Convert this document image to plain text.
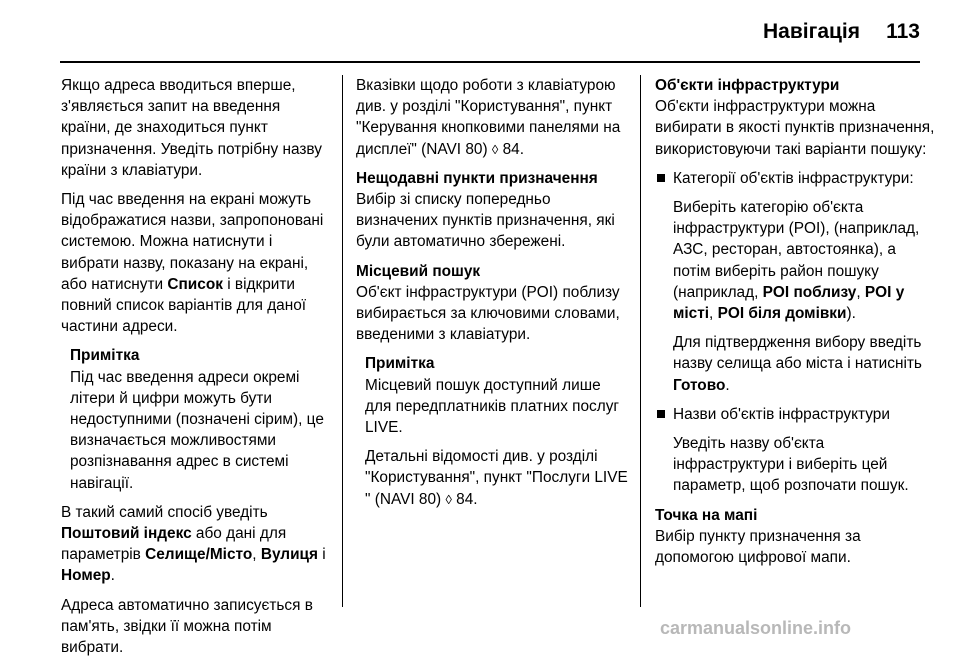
Навігація 113

Якщо адреса вводиться вперше, з'являється запит на введення країни, де знаходиться пункт призначення. Уведіть потрібну назву країни з клавіатури.

Під час введення на екрані можуть відображатися назви, запропоновані системою. Можна натиснути і вибрати назву, показану на екрані, або натиснути Список і відкрити повний список варіантів для даної частини адреси.

Примітка

Під час введення адреси окремі літери й цифри можуть бути недоступними (позначені сірим), це визначається можливостями розпізнавання адрес в системі навігації.

В такий самий спосіб уведіть Поштовий індекс або дані для параметрів Селище/Місто, Вулиця і Номер.

Адреса автоматично записується в пам'ять, звідки її можна потім вибрати.

Вказівки щодо роботи з клавіатурою див. у розділі "Користування", пункт "Керування кнопковими панелями на дисплеї" (NAVI 80) ◊ 84.

Нещодавні пункти призначення
Вибір зі списку попередньо визначених пунктів призначення, які були автоматично збережені.

Місцевий пошук
Об'єкт інфраструктури (POI) поблизу вибирається за ключовими словами, введеними з клавіатури.

Примітка

Місцевий пошук доступний лише для передплатників платних послуг LIVE.

Детальні відомості див. у розділі "Користування", пункт "Послуги LIVE " (NAVI 80) ◊ 84.

Об'єкти інфраструктури
Об'єкти інфраструктури можна вибирати в якості пунктів призначення, використовуючи такі варіанти пошуку:

Категорії об'єктів інфраструктури:

Виберіть категорію об'єкта інфраструктури (POI), (наприклад, АЗС, ресторан, автостоянка), а потім виберіть район пошуку (наприклад, POI поблизу, POI у місті, POI біля домівки).

Для підтвердження вибору введіть назву селища або міста і натисніть Готово.

Назви об'єктів інфраструктури

Уведіть назву об'єкта інфраструктури і виберіть цей параметр, щоб розпочати пошук.

Точка на мапі
Вибір пункту призначення за допомогою цифрової мапи.

carmanualsonline.info
